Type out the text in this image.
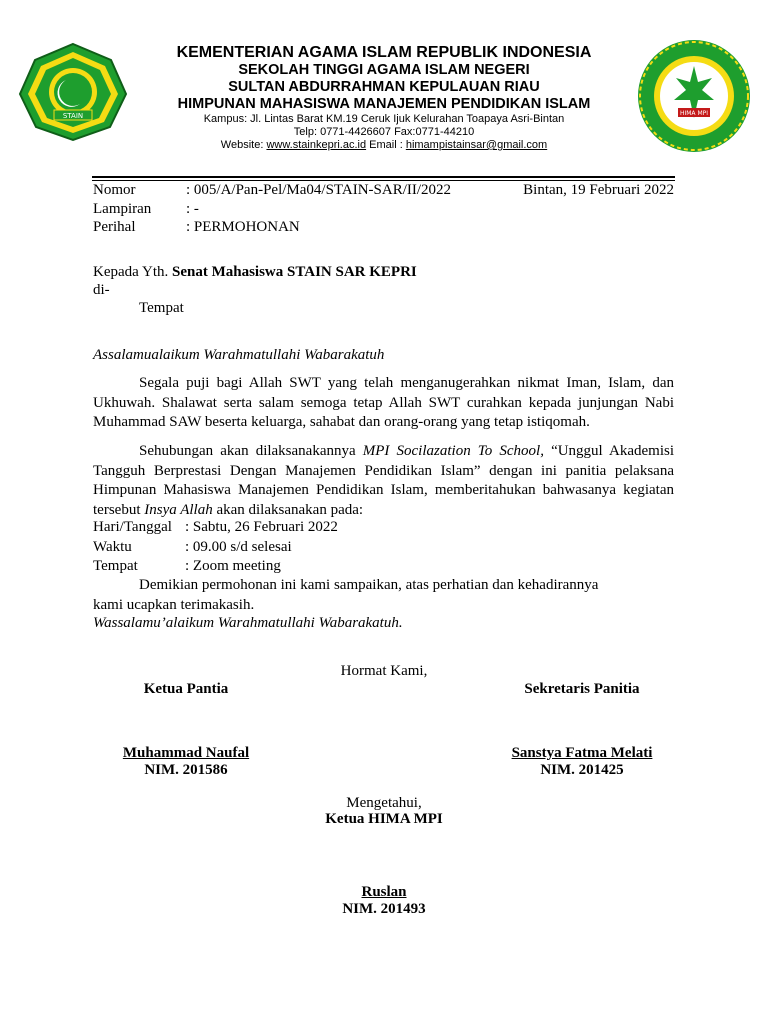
STAIN	HIMA MPI
KEMENTERIAN AGAMA ISLAM REPUBLIK INDONESIA
SEKOLAH TINGGI AGAMA ISLAM NEGERI
SULTAN ABDURRAHMAN KEPULAUAN RIAU
HIMPUNAN MAHASISWA MANAJEMEN PENDIDIKAN ISLAM
Kampus: Jl. Lintas Barat KM.19 Ceruk Ijuk Kelurahan Toapaya Asri-Bintan
Telp: 0771-4426607 Fax:0771-44210
Website: www.stainkepri.ac.id Email : himampistainsar@gmail.com
Nomor	: 005/A/Pan-Pel/Ma04/STAIN-SAR/II/2022	Bintan, 19 Februari 2022
Lampiran : -
Perihal	: PERMOHONAN
Kepada Yth. Senat Mahasiswa STAIN SAR KEPRI
di-
Tempat
Assalamualaikum Warahmatullahi Wabarakatuh
Segala puji bagi Allah SWT yang telah menganugerahkan nikmat Iman, Islam, dan Ukhuwah. Shalawat serta salam semoga tetap Allah SWT curahkan kepada junjungan Nabi Muhammad SAW beserta keluarga, sahabat dan orang-orang yang tetap istiqomah.
Sehubungan akan dilaksanakannya MPI Socilazation To School, “Unggul Akademisi Tangguh Berprestasi Dengan Manajemen Pendidikan Islam” dengan ini panitia pelaksana Himpunan Mahasiswa Manajemen Pendidikan Islam, memberitahukan bahwasanya kegiatan tersebut Insya Allah akan dilaksanakan pada:
Hari/Tanggal : Sabtu, 26 Februari 2022
Waktu	: 09.00 s/d selesai
Tempat	: Zoom meeting
Demikian permohonan ini kami sampaikan, atas perhatian dan kehadirannya
kami ucapkan terimakasih.
Wassalamu’alaikum Warahmatullahi Wabarakatuh.
Hormat Kami,
Ketua Pantia	Sekretaris Panitia
Muhammad Naufal
NIM. 201586
Sanstya Fatma Melati
NIM. 201425
Mengetahui,
Ketua HIMA MPI
Ruslan
NIM. 201493
